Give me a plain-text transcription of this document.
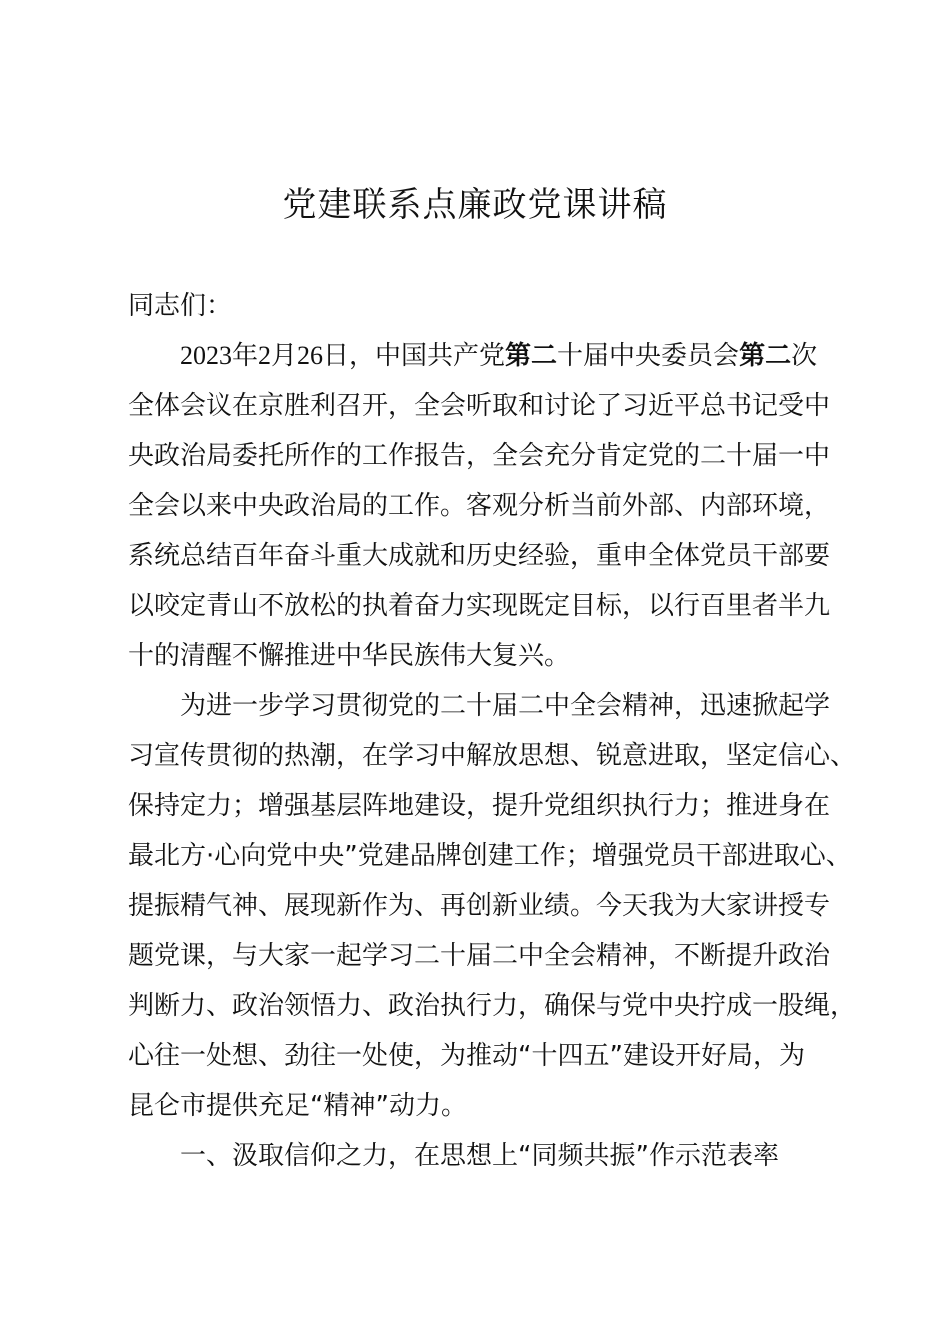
党建联系点廉政党课讲稿
同志们：
2023年2月26日，中国共产党第二十届中央委员会第二次
全体会议在京胜利召开，全会听取和讨论了习近平总书记受中
央政治局委托所作的工作报告，全会充分肯定党的二十届一中
全会以来中央政治局的工作。客观分析当前外部、内部环境，
系统总结百年奋斗重大成就和历史经验，重申全体党员干部要
以咬定青山不放松的执着奋力实现既定目标，以行百里者半九
十的清醒不懈推进中华民族伟大复兴。
为进一步学习贯彻党的二十届二中全会精神，迅速掀起学
习宣传贯彻的热潮，在学习中解放思想、锐意进取，坚定信心、
保持定力；增强基层阵地建设，提升党组织执行力；推进身在
最北方·心向党中央”党建品牌创建工作；增强党员干部进取心、
提振精气神、展现新作为、再创新业绩。今天我为大家讲授专
题党课，与大家一起学习二十届二中全会精神，不断提升政治
判断力、政治领悟力、政治执行力，确保与党中央拧成一股绳，
心往一处想、劲往一处使，为推动“十四五”建设开好局，为
昆仑市提供充足“精神”动力。
一、汲取信仰之力，在思想上“同频共振”作示范表率
